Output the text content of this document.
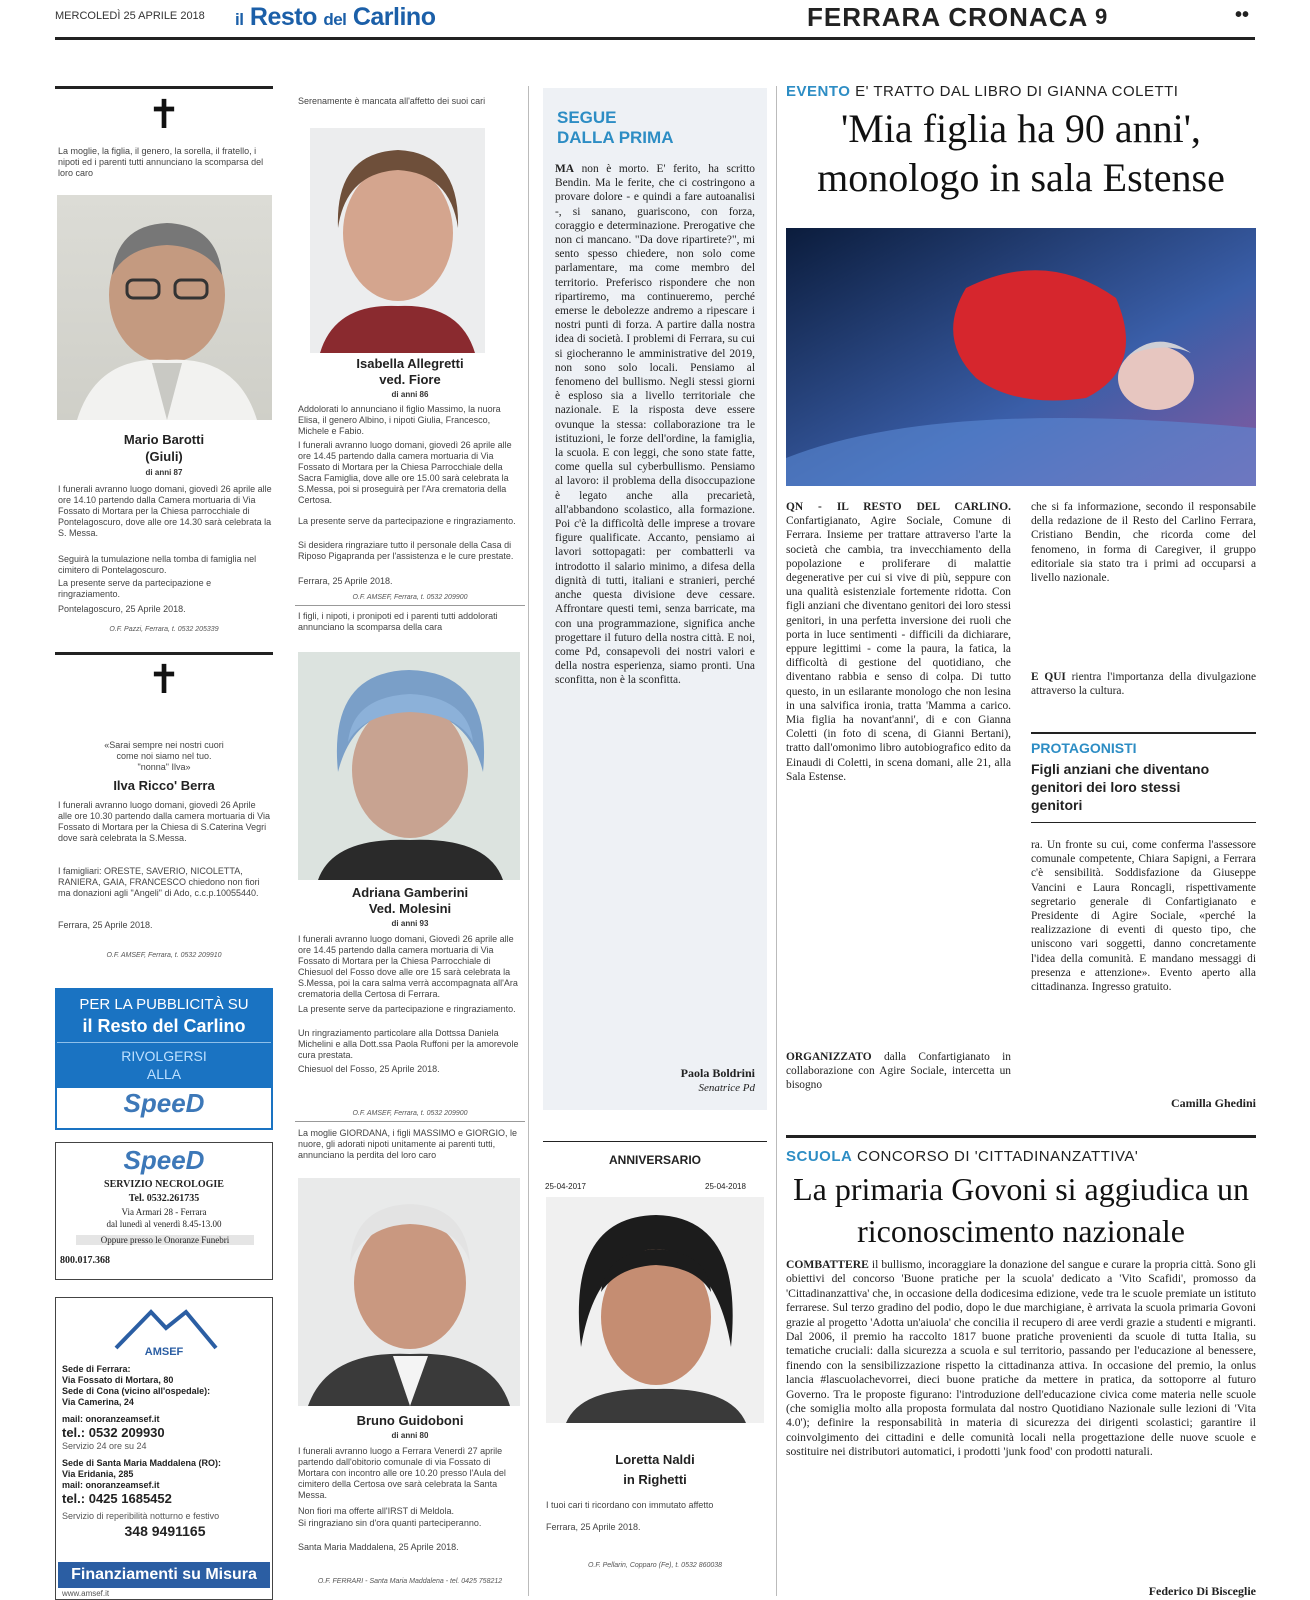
MERCOLEDÌ 25 APRILE 2018 il Resto del Carlino	FERRARA CRONACA 9	••
✝
La moglie, la figlia, il genero, la sorella, il fratello, i nipoti ed i parenti tutti annunciano la scomparsa del loro caro
Mario Barotti
(Giuli)
di anni 87
I funerali avranno luogo domani, giovedì 26 aprile alle ore 14.10 partendo dalla Camera mortuaria di Via Fossato di Mortara per la Chiesa parrocchiale di Pontelagoscuro, dove alle ore 14.30 sarà celebrata la S. Messa.
Seguirà la tumulazione nella tomba di famiglia nel cimitero di Pontelagoscuro.
La presente serve da partecipazione e ringraziamento.
Pontelagoscuro, 25 Aprile 2018.
O.F. Pazzi, Ferrara, t. 0532 205339
✝
«Sarai sempre nei nostri cuori
come noi siamo nel tuo.
"nonna" Ilva»
Ilva Ricco' Berra
I funerali avranno luogo domani, giovedì 26 Aprile alle ore 10.30 partendo dalla camera mortuaria di Via Fossato di Mortara per la Chiesa di S.Caterina Vegri dove sarà celebrata la S.Messa.
I famigliari: ORESTE, SAVERIO, NICOLETTA, RANIERA, GAIA, FRANCESCO chiedono non fiori ma donazioni agli "Angeli" di Ado, c.c.p.10055440.
Ferrara, 25 Aprile 2018.
O.F. AMSEF, Ferrara, t. 0532 209910
PER LA PUBBLICITÀ SU
il Resto del Carlino
RIVOLGERSI
ALLA
SpeeD
SpeeD
SERVIZIO NECROLOGIE
Tel. 0532.261735
Via Armari 28 - Ferrara
dal lunedì al venerdì 8.45-13.00
Oppure presso le Onoranze Funebri
800.017.368
AMSEF
Sede di Ferrara:
Via Fossato di Mortara, 80
Sede di Cona (vicino all'ospedale):
Via Camerina, 24
mail: onoranzeamsef.it
tel.: 0532 209930
Servizio 24 ore su 24
Sede di Santa Maria Maddalena (RO):
Via Eridania, 285
mail: onoranzeamsef.it
tel.: 0425 1685452
Servizio di reperibilità notturno e festivo
348 9491165
Finanziamenti su Misura
www.amsef.it
Serenamente è mancata all'affetto dei suoi cari
Isabella Allegretti
ved. Fiore
di anni 86
Addolorati lo annunciano il figlio Massimo, la nuora Elisa, il genero Albino, i nipoti Giulia, Francesco, Michele e Fabio.
I funerali avranno luogo domani, giovedì 26 aprile alle ore 14.45 partendo dalla camera mortuaria di Via Fossato di Mortara per la Chiesa Parrocchiale della Sacra Famiglia, dove alle ore 15.00 sarà celebrata la S.Messa, poi si proseguirà per l'Ara crematoria della Certosa.
La presente serve da partecipazione e ringraziamento.
Si desidera ringraziare tutto il personale della Casa di Riposo Pigapranda per l'assistenza e le cure prestate.
Ferrara, 25 Aprile 2018.
O.F. AMSEF, Ferrara, t. 0532 209900
I figli, i nipoti, i pronipoti ed i parenti tutti addolorati annunciano la scomparsa della cara
Adriana Gamberini
Ved. Molesini
di anni 93
I funerali avranno luogo domani, Giovedì 26 aprile alle ore 14.45 partendo dalla camera mortuaria di Via Fossato di Mortara per la Chiesa Parrocchiale di Chiesuol del Fosso dove alle ore 15 sarà celebrata la S.Messa, poi la cara salma verrà accompagnata all'Ara crematoria della Certosa di Ferrara.
La presente serve da partecipazione e ringraziamento.
Un ringraziamento particolare alla Dottssa Daniela Michelini e alla Dott.ssa Paola Ruffoni per la amorevole cura prestata.
Chiesuol del Fosso, 25 Aprile 2018.
O.F. AMSEF, Ferrara, t. 0532 209900
La moglie GIORDANA, i figli MASSIMO e GIORGIO, le nuore, gli adorati nipoti unitamente ai parenti tutti, annunciano la perdita del loro caro
Bruno Guidoboni
di anni 80
I funerali avranno luogo a Ferrara Venerdì 27 aprile partendo dall'obitorio comunale di via Fossato di Mortara con incontro alle ore 10.20 presso l'Aula del cimitero della Certosa ove sarà celebrata la Santa Messa.
Non fiori ma offerte all'IRST di Meldola.
Si ringraziano sin d'ora quanti parteciperanno.
Santa Maria Maddalena, 25 Aprile 2018.
O.F. FERRARI - Santa Maria Maddalena - tel. 0425 758212
SEGUE
DALLA PRIMA
MA non è morto. E' ferito, ha scritto Bendin. Ma le ferite, che ci costringono a provare dolore - e quindi a fare autoanalisi -, si sanano, guariscono, con forza, coraggio e determinazione. Prerogative che non ci mancano. "Da dove ripartirete?", mi sento spesso chiedere, non solo come parlamentare, ma come membro del territorio. Preferisco rispondere che non ripartiremo, ma continueremo, perché emerse le debolezze andremo a ripescare i nostri punti di forza. A partire dalla nostra idea di società. I problemi di Ferrara, su cui si giocheranno le amministrative del 2019, non sono solo locali. Pensiamo al fenomeno del bullismo. Negli stessi giorni è esploso sia a livello territoriale che nazionale. E la risposta deve essere ovunque la stessa: collaborazione tra le istituzioni, le forze dell'ordine, la famiglia, la scuola. E con leggi, che sono state fatte, come quella sul cyberbullismo. Pensiamo al lavoro: il problema della disoccupazione è legato anche alla precarietà, all'abbandono scolastico, alla formazione. Poi c'è la difficoltà delle imprese a trovare figure qualificate. Accanto, pensiamo ai lavori sottopagati: per combatterli va introdotto il salario minimo, a difesa della dignità di tutti, italiani e stranieri, perché anche questa divisione deve cessare. Affrontare questi temi, senza barricate, ma con una programmazione, significa anche progettare il futuro della nostra città. E noi, come Pd, consapevoli dei nostri valori e della nostra esperienza, siamo pronti. Una sconfitta, non è la sconfitta.
Paola Boldrini
Senatrice Pd
ANNIVERSARIO
25-04-2017	25-04-2018
Loretta Naldi
in Righetti
I tuoi cari ti ricordano con immutato affetto
Ferrara, 25 Aprile 2018.
O.F. Pellarin, Copparo (Fe), t. 0532 860038
EVENTO E' TRATTO DAL LIBRO DI GIANNA COLETTI
'Mia figlia ha 90 anni', monologo in sala Estense
QN - IL RESTO DEL CARLINO. Confartigianato, Agire Sociale, Comune di Ferrara. Insieme per trattare attraverso l'arte la società che cambia, tra invecchiamento della popolazione e proliferare di malattie degenerative per cui si vive di più, seppure con una qualità esistenziale fortemente ridotta. Con figli anziani che diventano genitori dei loro stessi genitori, in una perfetta inversione dei ruoli che porta in luce sentimenti - difficili da dichiarare, eppure legittimi - come la paura, la fatica, la difficoltà di gestione del quotidiano, che diventano rabbia e senso di colpa. Di tutto questo, in un esilarante monologo che non lesina in una salvifica ironia, tratta 'Mamma a carico. Mia figlia ha novant'anni', di e con Gianna Coletti (in foto di scena, di Gianni Bertani), tratto dall'omonimo libro autobiografico edito da Einaudi di Coletti, in scena domani, alle 21, alla Sala Estense.
ORGANIZZATO dalla Confartigianato in collaborazione con Agire Sociale, intercetta un bisogno
che si fa informazione, secondo il responsabile della redazione de il Resto del Carlino Ferrara, Cristiano Bendin, che ricorda come del fenomeno, in forma di Caregiver, il gruppo editoriale sia stato tra i primi ad occuparsi a livello nazionale.
E QUI rientra l'importanza della divulgazione attraverso la cultura.
PROTAGONISTI
Figli anziani che diventano genitori dei loro stessi genitori
ra. Un fronte su cui, come conferma l'assessore comunale competente, Chiara Sapigni, a Ferrara c'è sensibilità. Soddisfazione da Giuseppe Vancini e Laura Roncagli, rispettivamente segretario generale di Confartigianato e Presidente di Agire Sociale, «perché la realizzazione di eventi di questo tipo, che uniscono vari soggetti, danno concretamente l'idea della comunità. E mandano messaggi di presenza e attenzione». Evento aperto alla cittadinanza. Ingresso gratuito.
Camilla Ghedini
SCUOLA CONCORSO DI 'CITTADINANZATTIVA'
La primaria Govoni si aggiudica un riconoscimento nazionale
COMBATTERE il bullismo, incoraggiare la donazione del sangue e curare la propria città. Sono gli obiettivi del concorso 'Buone pratiche per la scuola' dedicato a 'Vito Scafidi', promosso da 'Cittadinanzattiva' che, in occasione della dodicesima edizione, vede tra le scuole premiate un istituto ferrarese. Sul terzo gradino del podio, dopo le due marchigiane, è arrivata la scuola primaria Govoni grazie al progetto 'Adotta un'aiuola' che concilia il recupero di aree verdi grazie a studenti e migranti. Dal 2006, il premio ha raccolto 1817 buone pratiche provenienti da scuole di tutta Italia, su tematiche cruciali: dalla sicurezza a scuola e sul territorio, passando per l'educazione al benessere, finendo con la sensibilizzazione rispetto la cittadinanza attiva. In occasione del premio, la onlus lancia #lascuolachevorrei, dieci buone pratiche da mettere in pratica, da sottoporre al futuro Governo. Tra le proposte figurano: l'introduzione dell'educazione civica come materia nelle scuole (che somiglia molto alla proposta formulata dal nostro Quotidiano Nazionale sulle lezioni di 'Vita 4.0'); definire la responsabilità in materia di sicurezza dei dirigenti scolastici; garantire il coinvolgimento dei cittadini e delle comunità locali nella progettazione delle nuove scuole e sostituire nei distributori automatici, i prodotti 'junk food' con prodotti naturali.
Federico Di Bisceglie
